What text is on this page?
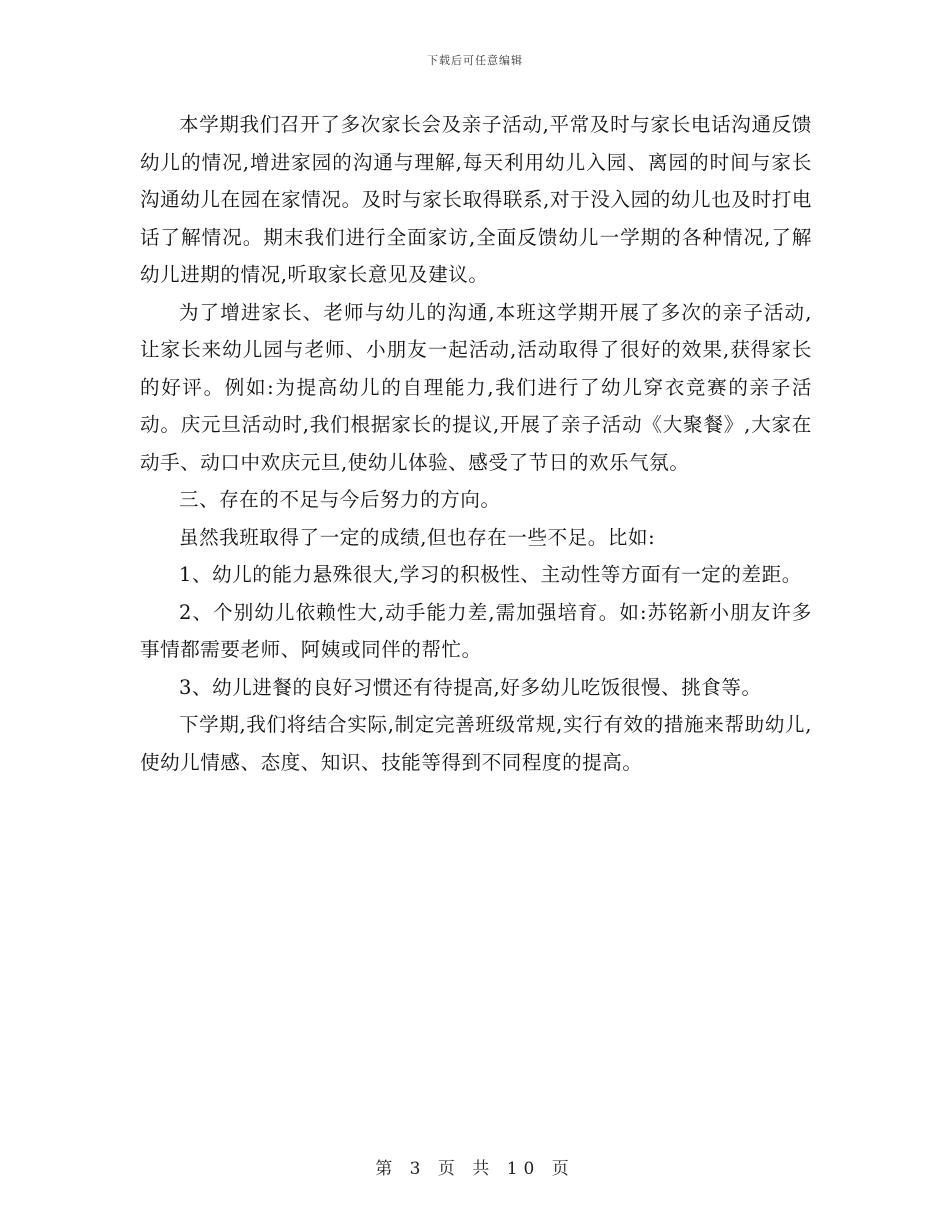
下载后可任意编辑

本学期我们召开了多次家长会及亲子活动,平常及时与家长电话沟通反馈幼儿的情况,增进家园的沟通与理解,每天利用幼儿入园、离园的时间与家长沟通幼儿在园在家情况。及时与家长取得联系,对于没入园的幼儿也及时打电话了解情况。期末我们进行全面家访,全面反馈幼儿一学期的各种情况,了解幼儿进期的情况,听取家长意见及建议。

为了增进家长、老师与幼儿的沟通,本班这学期开展了多次的亲子活动,让家长来幼儿园与老师、小朋友一起活动,活动取得了很好的效果,获得家长的好评。例如:为提高幼儿的自理能力,我们进行了幼儿穿衣竞赛的亲子活动。庆元旦活动时,我们根据家长的提议,开展了亲子活动《大聚餐》,大家在动手、动口中欢庆元旦,使幼儿体验、感受了节日的欢乐气氛。

三、存在的不足与今后努力的方向。

虽然我班取得了一定的成绩,但也存在一些不足。比如:

1、幼儿的能力悬殊很大,学习的积极性、主动性等方面有一定的差距。

2、个别幼儿依赖性大,动手能力差,需加强培育。如:苏铭新小朋友许多事情都需要老师、阿姨或同伴的帮忙。

3、幼儿进餐的良好习惯还有待提高,好多幼儿吃饭很慢、挑食等。

下学期,我们将结合实际,制定完善班级常规,实行有效的措施来帮助幼儿,使幼儿情感、态度、知识、技能等得到不同程度的提高。

第 3 页 共 10 页
